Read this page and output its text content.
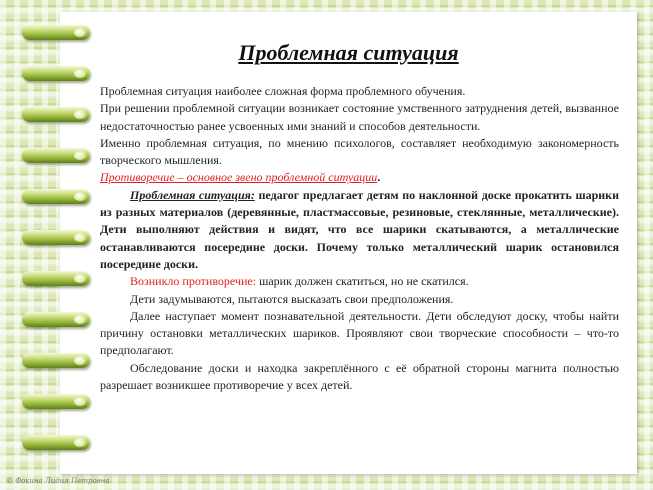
Проблемная ситуация

Проблемная ситуация наиболее сложная форма проблемного обучения.

При решении проблемной ситуации возникает состояние умственного затруднения детей, вызванное недостаточностью ранее усвоенных ими знаний и способов деятельности.

Именно проблемная ситуация, по мнению психологов, составляет необходимую закономерность творческого мышления.

Противоречие – основное звено проблемной ситуации.

Проблемная ситуация: педагог предлагает детям по наклонной доске прокатить шарики из разных материалов (деревянные, пластмассовые, резиновые, стеклянные, металлические). Дети выполняют действия и видят, что все шарики скатываются, а металлические останавливаются посередине доски. Почему только металлический шарик остановился посередине доски.

Возникло противоречие: шарик должен скатиться, но не скатился.

Дети задумываются, пытаются высказать свои предположения.

Далее наступает момент познавательной деятельности. Дети обследуют доску, чтобы найти причину остановки металлических шариков. Проявляют свои творческие способности – что-то предполагают.

Обследование доски и находка закреплённого с её обратной стороны магнита полностью разрешает возникшее противоречие у всех детей.

© Фокина Лидия Петровна
